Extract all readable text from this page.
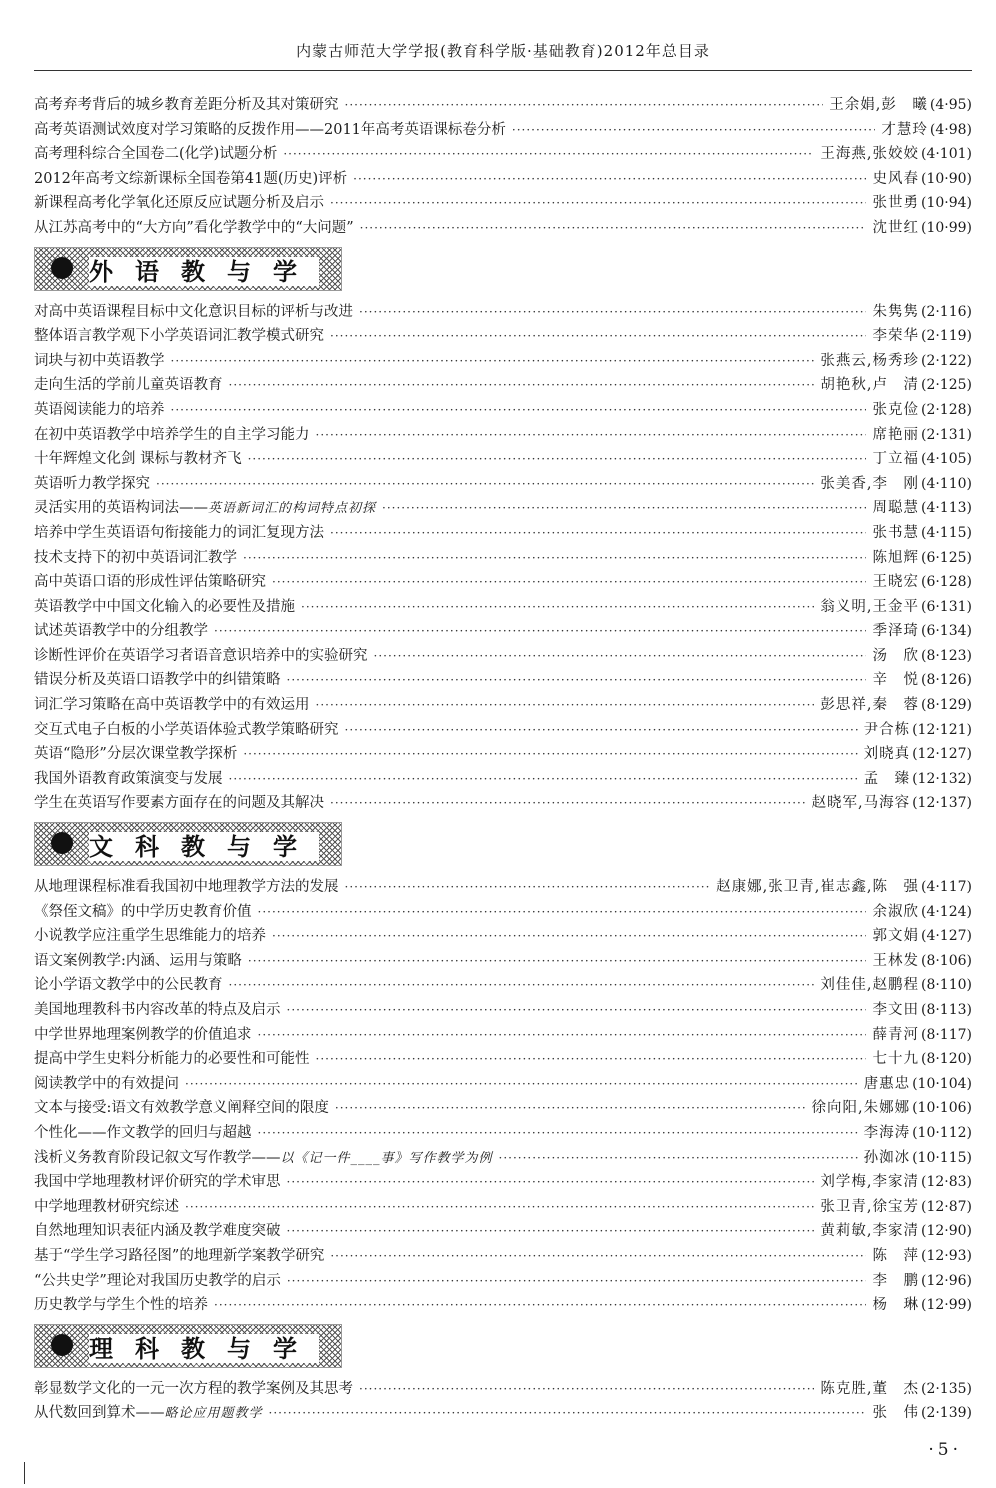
内蒙古师范大学学报(教育科学版·基础教育)2012年总目录
高考弃考背后的城乡教育差距分析及其对策研究 ·····	王余娟,彭　曦 (4·95)
高考英语测试效度对学习策略的反拨作用——2011年高考英语课标卷分析 ·····	才慧玲 (4·98)
高考理科综合全国卷二(化学)试题分析 ·····	王海燕,张姣姣 (4·101)
2012年高考文综新课标全国卷第41题(历史)评析 ·····	史风春 (10·90)
新课程高考化学氧化还原反应试题分析及启示 ·····	张世勇 (10·94)
从江苏高考中的“大方向”看化学教学中的“大问题” ·····	沈世红 (10·99)
外语教与学
对高中英语课程目标中文化意识目标的评析与改进 ·····	朱隽隽 (2·116)
整体语言教学观下小学英语词汇教学模式研究 ·····	李荣华 (2·119)
词块与初中英语教学 ·····	张燕云,杨秀珍 (2·122)
走向生活的学前儿童英语教育 ·····	胡艳秋,卢　清 (2·125)
英语阅读能力的培养 ·····	张克俭 (2·128)
在初中英语教学中培养学生的自主学习能力 ·····	席艳丽 (2·131)
十年辉煌文化剑 课标与教材齐飞 ·····	丁立福 (4·105)
英语听力教学探究 ·····	张美香,李　刚 (4·110)
灵活实用的英语构词法——英语新词汇的构词特点初探 ·····	周聪慧 (4·113)
培养中学生英语语句衔接能力的词汇复现方法 ·····	张书慧 (4·115)
技术支持下的初中英语词汇教学 ·····	陈旭辉 (6·125)
高中英语口语的形成性评估策略研究 ·····	王晓宏 (6·128)
英语教学中中国文化输入的必要性及措施 ·····	翁义明,王金平 (6·131)
试述英语教学中的分组教学 ·····	季泽琦 (6·134)
诊断性评价在英语学习者语音意识培养中的实验研究 ·····	汤　欣 (8·123)
错误分析及英语口语教学中的纠错策略 ·····	辛　悦 (8·126)
词汇学习策略在高中英语教学中的有效运用 ·····	彭思祥,秦　蓉 (8·129)
交互式电子白板的小学英语体验式教学策略研究 ·····	尹合栋 (12·121)
英语“隐形”分层次课堂教学探析 ·····	刘晓真 (12·127)
我国外语教育政策演变与发展 ·····	孟　臻 (12·132)
学生在英语写作要素方面存在的问题及其解决 ·····	赵晓军,马海容 (12·137)
文科教与学
从地理课程标准看我国初中地理教学方法的发展 ·····	赵康娜,张卫青,崔志鑫,陈　强 (4·117)
《祭侄文稿》的中学历史教育价值 ·····	余淑欣 (4·124)
小说教学应注重学生思维能力的培养 ·····	郭文娟 (4·127)
语文案例教学:内涵、运用与策略 ·····	王林发 (8·106)
论小学语文教学中的公民教育 ·····	刘佳佳,赵鹏程 (8·110)
美国地理教科书内容改革的特点及启示 ·····	李文田 (8·113)
中学世界地理案例教学的价值追求 ·····	薛青河 (8·117)
提高中学生史料分析能力的必要性和可能性 ·····	七十九 (8·120)
阅读教学中的有效提问 ·····	唐惠忠 (10·104)
文本与接受:语文有效教学意义阐释空间的限度 ·····	徐向阳,朱娜娜 (10·106)
个性化——作文教学的回归与超越 ·····	李海涛 (10·112)
浅析义务教育阶段记叙文写作教学——以《记一件____事》写作教学为例 ·····	孙洳冰 (10·115)
我国中学地理教材评价研究的学术审思 ·····	刘学梅,李家清 (12·83)
中学地理教材研究综述 ·····	张卫青,徐宝芳 (12·87)
自然地理知识表征内涵及教学难度突破 ·····	黄莉敏,李家清 (12·90)
基于“学生学习路径图”的地理新学案教学研究 ·····	陈　萍 (12·93)
“公共史学”理论对我国历史教学的启示 ·····	李　鹏 (12·96)
历史教学与学生个性的培养 ·····	杨　琳 (12·99)
理科教与学
彰显数学文化的一元一次方程的教学案例及其思考 ·····	陈克胜,董　杰 (2·135)
从代数回到算术——略论应用题教学 ·····	张　伟 (2·139)
·5·
